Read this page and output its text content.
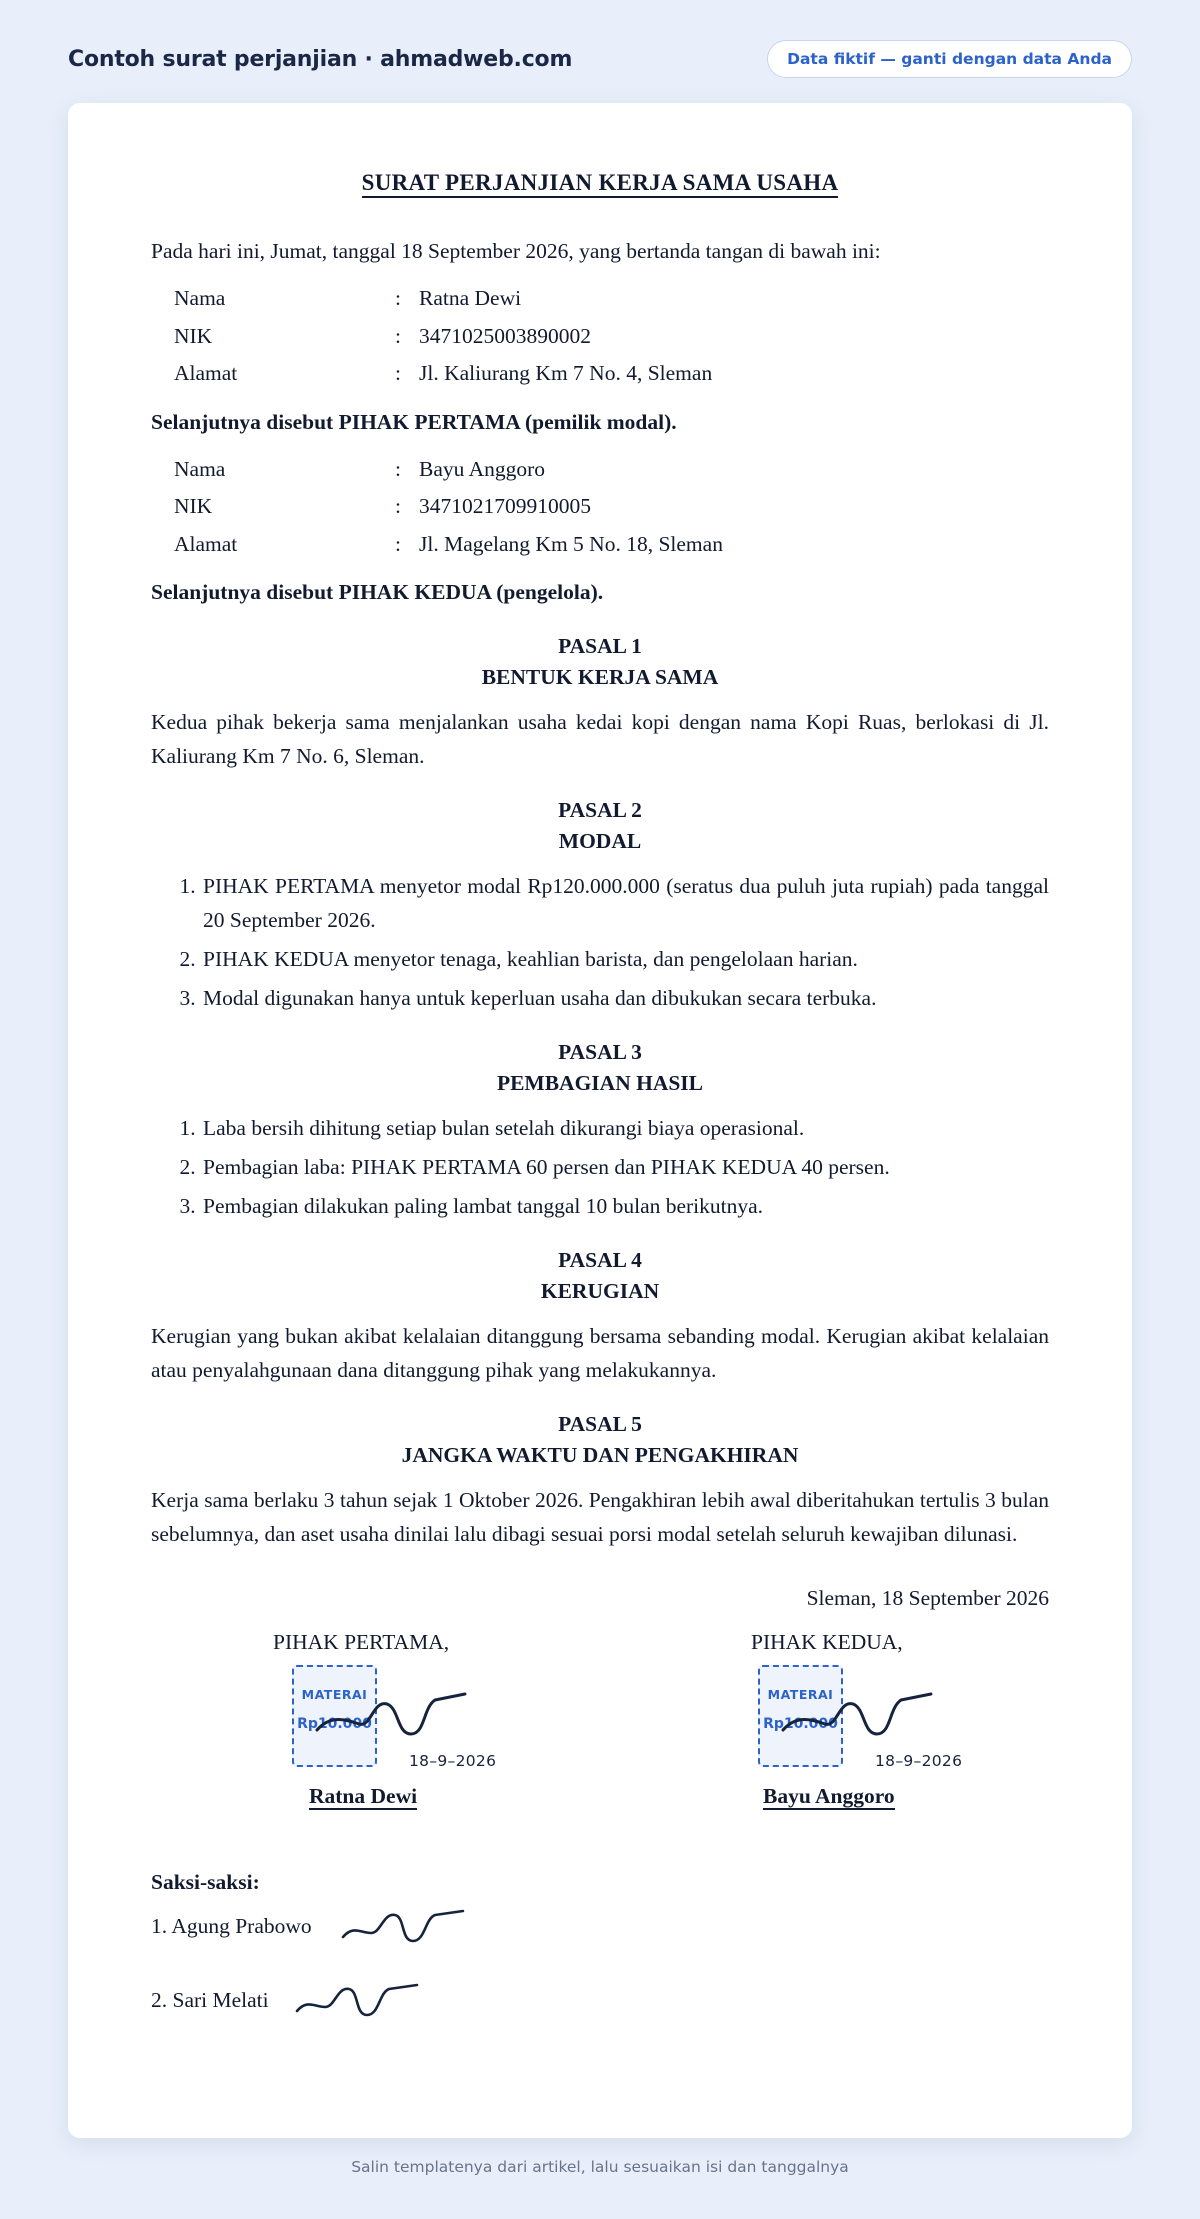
Contoh surat perjanjian · ahmadweb.com	Data fiktif — ganti dengan data Anda
SURAT PERJANJIAN KERJA SAMA USAHA

Pada hari ini, Jumat, tanggal 18 September 2026, yang bertanda tangan di bawah ini:

Nama	: Ratna Dewi
NIK	: 3471025003890002
Alamat	: Jl. Kaliurang Km 7 No. 4, Sleman

Selanjutnya disebut PIHAK PERTAMA (pemilik modal).

Nama	: Bayu Anggoro
NIK	: 3471021709910005
Alamat	: Jl. Magelang Km 5 No. 18, Sleman

Selanjutnya disebut PIHAK KEDUA (pengelola).

PASAL 1
BENTUK KERJA SAMA

Kedua pihak bekerja sama menjalankan usaha kedai kopi dengan nama Kopi Ruas, berlokasi di Jl. Kaliurang Km 7 No. 6, Sleman.

PASAL 2
MODAL
1. PIHAK PERTAMA menyetor modal Rp120.000.000 (seratus dua puluh juta rupiah) pada tanggal 20 September 2026.
2. PIHAK KEDUA menyetor tenaga, keahlian barista, dan pengelolaan harian.
3. Modal digunakan hanya untuk keperluan usaha dan dibukukan secara terbuka.
PASAL 3
PEMBAGIAN HASIL
1. Laba bersih dihitung setiap bulan setelah dikurangi biaya operasional.
2. Pembagian laba: PIHAK PERTAMA 60 persen dan PIHAK KEDUA 40 persen.
3. Pembagian dilakukan paling lambat tanggal 10 bulan berikutnya.
PASAL 4
KERUGIAN

Kerugian yang bukan akibat kelalaian ditanggung bersama sebanding modal. Kerugian akibat kelalaian atau penyalahgunaan dana ditanggung pihak yang melakukannya.

PASAL 5
JANGKA WAKTU DAN PENGAKHIRAN

Kerja sama berlaku 3 tahun sejak 1 Oktober 2026. Pengakhiran lebih awal diberitahukan tertulis 3 bulan sebelumnya, dan aset usaha dinilai lalu dibagi sesuai porsi modal setelah seluruh kewajiban dilunasi.

Sleman, 18 September 2026

PIHAK PERTAMA,
MATERAI
Rp10.000
18–9–2026
Ratna Dewi
PIHAK KEDUA,
MATERAI
Rp10.000
18–9–2026
Bayu Anggoro

Saksi-saksi:

1. Agung Prabowo
2. Sari Melati
Salin templatenya dari artikel, lalu sesuaikan isi dan tanggalnya
